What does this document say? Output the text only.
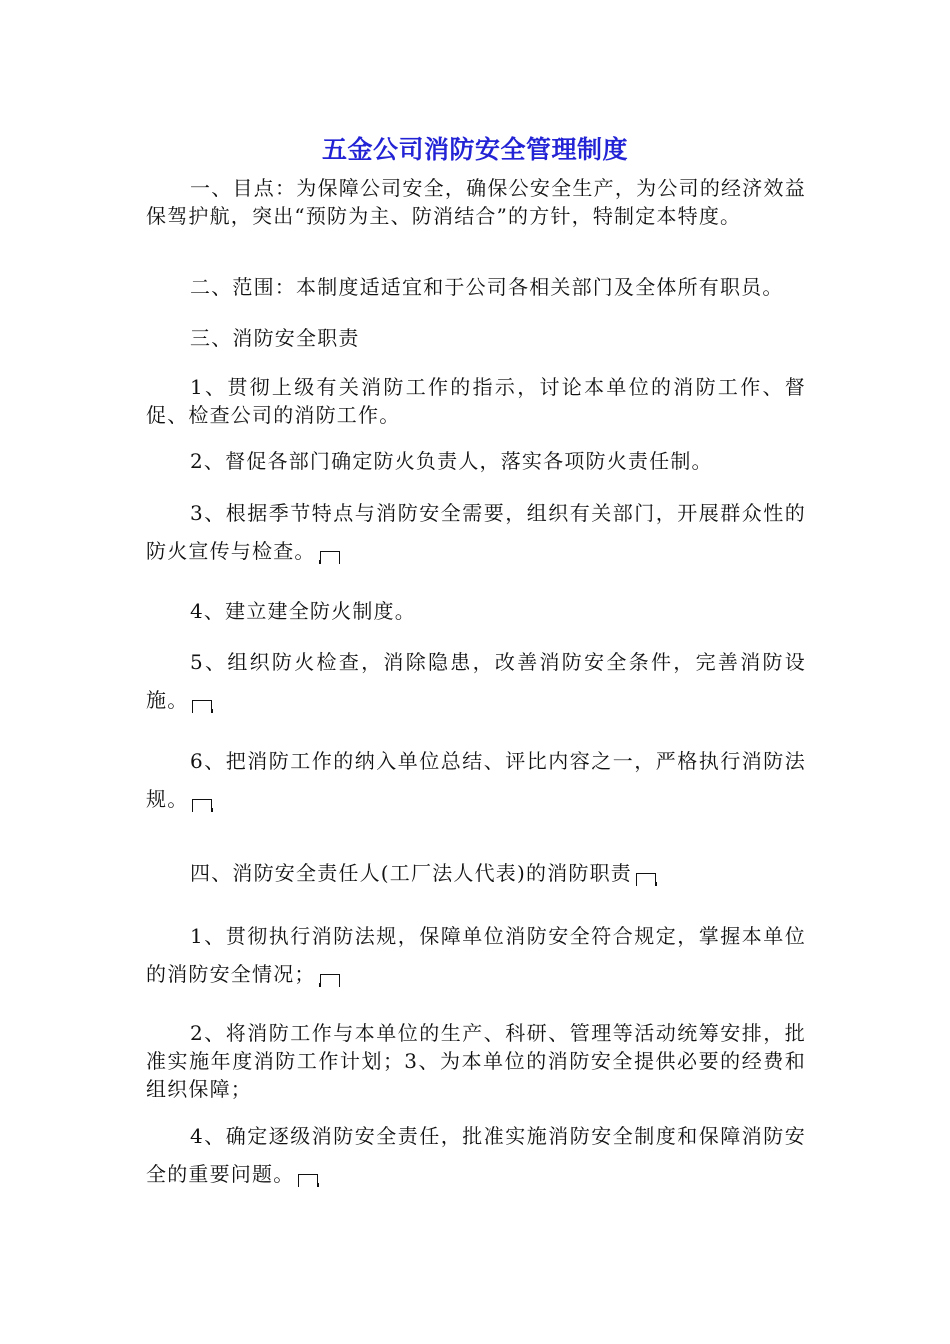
五金公司消防安全管理制度
一、目点：为保障公司安全，确保公安全生产，为公司的经济效益保驾护航，突出“预防为主、防消结合”的方针，特制定本特度。
二、范围：本制度适适宜和于公司各相关部门及全体所有职员。
三、消防安全职责
1、贯彻上级有关消防工作的指示，讨论本单位的消防工作、督促、检查公司的消防工作。
2、督促各部门确定防火负责人，落实各项防火责任制。
3、根据季节特点与消防安全需要，组织有关部门，开展群众性的防火宣传与检查。
4、建立建全防火制度。
5、组织防火检查，消除隐患，改善消防安全条件，完善消防设施。
6、把消防工作的纳入单位总结、评比内容之一，严格执行消防法规。
四、消防安全责任人(工厂法人代表)的消防职责
1、贯彻执行消防法规，保障单位消防安全符合规定，掌握本单位的消防安全情况；
2、将消防工作与本单位的生产、科研、管理等活动统筹安排，批准实施年度消防工作计划；3、为本单位的消防安全提供必要的经费和组织保障；
4、确定逐级消防安全责任，批准实施消防安全制度和保障消防安全的重要问题。
